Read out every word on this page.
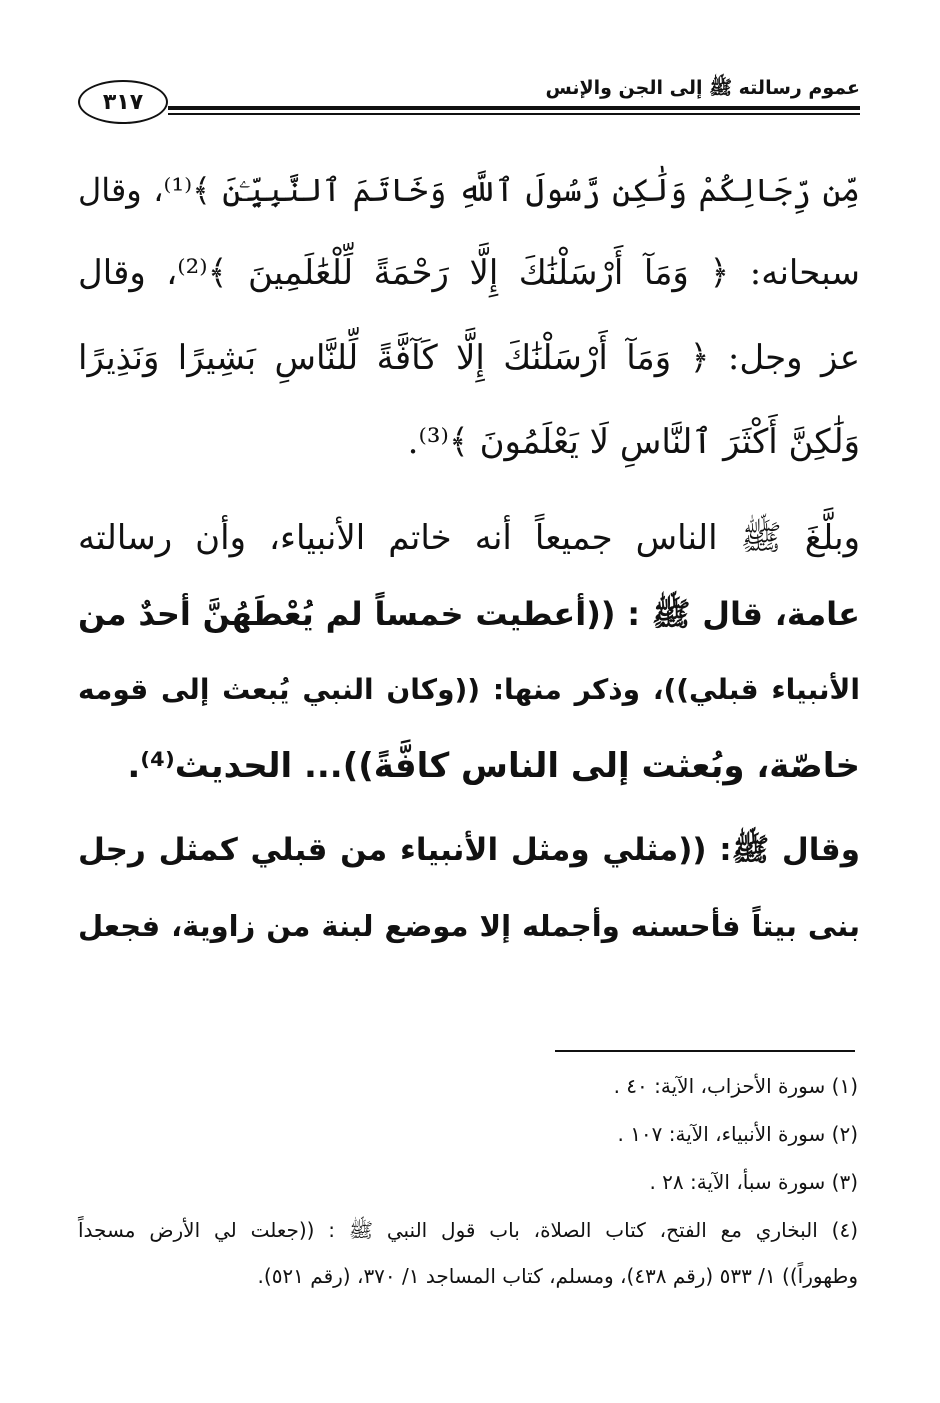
عموم رسالته ﷺ إلى الجن والإنس
٣١٧
مِّن رِّجَالِكُمْ وَلَٰكِن رَّسُولَ ٱللَّهِ وَخَاتَمَ ٱلنَّبِيِّـۧنَ ﴾⁽¹⁾، وقال
سبحانه: ﴿ وَمَآ أَرْسَلْنَٰكَ إِلَّا رَحْمَةً لِّلْعَٰلَمِينَ ﴾⁽²⁾، وقال
عز وجل: ﴿ وَمَآ أَرْسَلْنَٰكَ إِلَّا كَآفَّةً لِّلنَّاسِ بَشِيرًا وَنَذِيرًا
وَلَٰكِنَّ أَكْثَرَ ٱلنَّاسِ لَا يَعْلَمُونَ ﴾⁽³⁾.
وبلَّغَ ﷺ الناس جميعاً أنه خاتم الأنبياء، وأن رسالته
عامة، قال ﷺ : ((أعطيت خمساً لم يُعْطَهُنَّ أحدٌ من
الأنبياء قبلي))، وذكر منها: ((وكان النبي يُبعث إلى قومه
خاصّة، وبُعثت إلى الناس كافَّةً))... الحديث⁽⁴⁾.
وقال ﷺ: ((مثلي ومثل الأنبياء من قبلي كمثل رجل
بنى بيتاً فأحسنه وأجمله إلا موضع لبنة من زاوية، فجعل
(١) سورة الأحزاب، الآية: ٤٠ .
(٢) سورة الأنبياء، الآية: ١٠٧ .
(٣) سورة سبأ، الآية: ٢٨ .
(٤) البخاري مع الفتح، كتاب الصلاة، باب قول النبي ﷺ : ((جعلت لي الأرض مسجداً
وطهوراً)) ١/ ٥٣٣ (رقم ٤٣٨)، ومسلم، كتاب المساجد ١/ ٣٧٠، (رقم ٥٢١).
